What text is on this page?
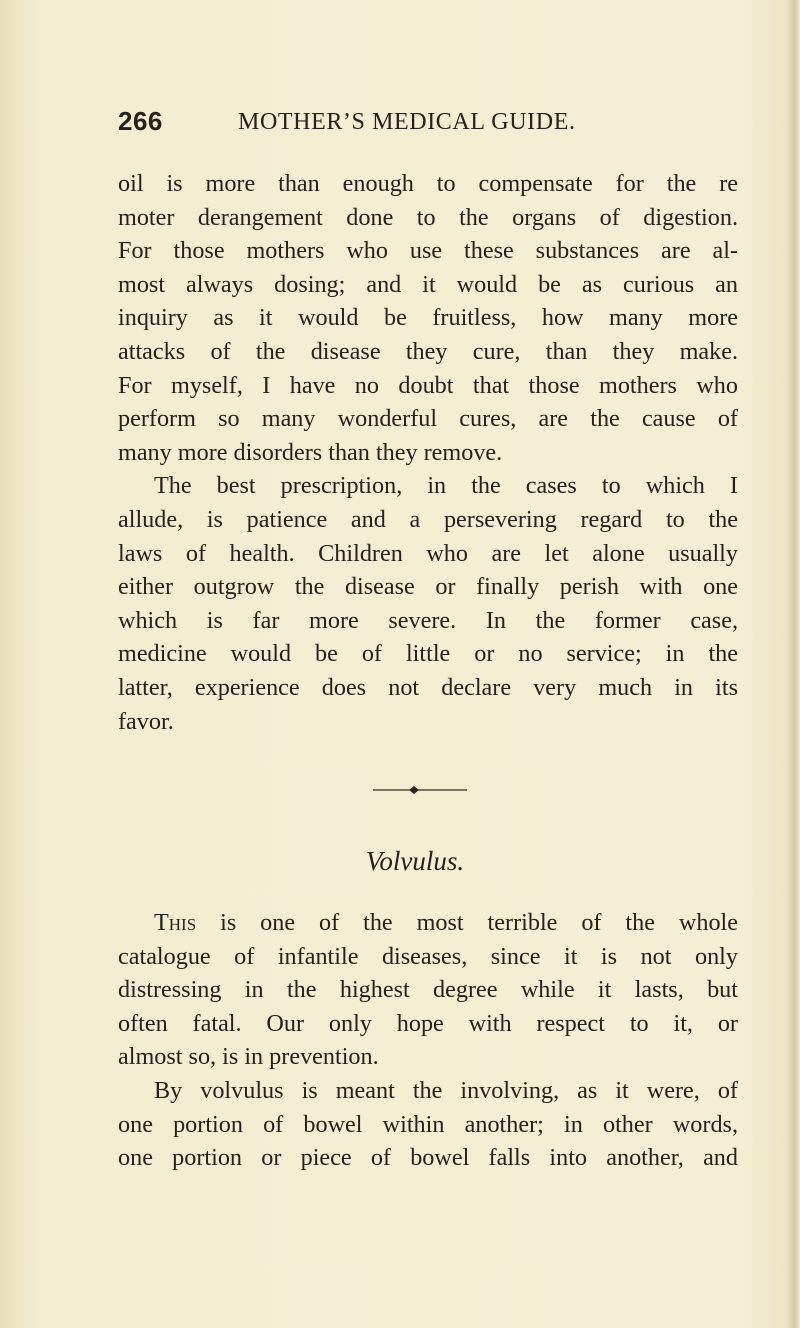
266	MOTHER’S MEDICAL GUIDE.
oil is more than enough to compensate for the re
moter derangement done to the organs of digestion.
For those mothers who use these substances are al-
most always dosing; and it would be as curious an
inquiry as it would be fruitless, how many more
attacks of the disease they cure, than they make.
For myself, I have no doubt that those mothers who
perform so many wonderful cures, are the cause of
many more disorders than they remove.
The best prescription, in the cases to which I
allude, is patience and a persevering regard to the
laws of health. Children who are let alone usually
either outgrow the disease or finally perish with one
which is far more severe. In the former case,
medicine would be of little or no service; in the
latter, experience does not declare very much in its
favor.
Volvulus.
This is one of the most terrible of the whole
catalogue of infantile diseases, since it is not only
distressing in the highest degree while it lasts, but
often fatal. Our only hope with respect to it, or
almost so, is in prevention.
By volvulus is meant the involving, as it were, of
one portion of bowel within another; in other words,
one portion or piece of bowel falls into another, and
